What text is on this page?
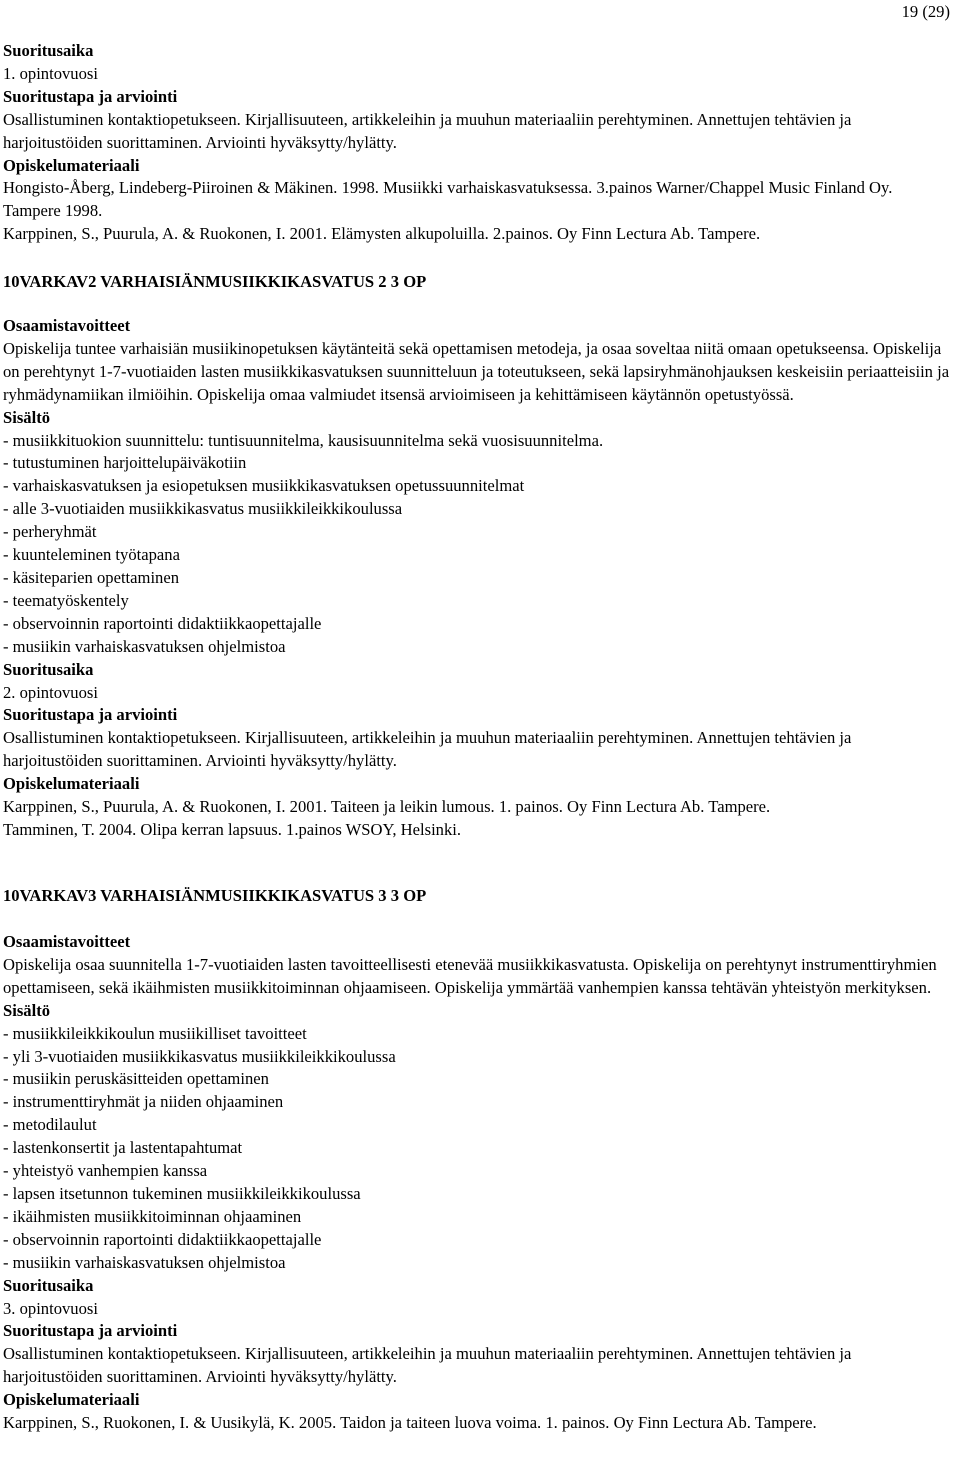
19 (29)
Suoritusaika
1. opintovuosi
Suoritustapa ja arviointi
Osallistuminen kontaktiopetukseen. Kirjallisuuteen, artikkeleihin ja muuhun materiaaliin perehtyminen. Annettujen tehtävien ja harjoitustöiden suorittaminen. Arviointi hyväksytty/hylätty.
Opiskelumateriaali
Hongisto-Åberg, Lindeberg-Piiroinen & Mäkinen. 1998. Musiikki varhaiskasvatuksessa. 3.painos Warner/Chappel Music Finland Oy. Tampere 1998.
Karppinen, S., Puurula, A. & Ruokonen, I. 2001. Elämysten alkupoluilla. 2.painos. Oy Finn Lectura Ab. Tampere.
10VARKAV2 VARHAISIÄNMUSIIKKIKASVATUS 2 3 OP
Osaamistavoitteet
Opiskelija tuntee varhaisiän musiikinopetuksen käytänteitä sekä opettamisen metodeja, ja osaa soveltaa niitä omaan opetukseensa. Opiskelija on perehtynyt 1-7-vuotiaiden lasten musiikkikasvatuksen suunnitteluun ja toteutukseen, sekä lapsiryhmänohjauksen keskeisiin periaatteisiin ja ryhmädynamiikan ilmiöihin. Opiskelija omaa valmiudet itsensä arvioimiseen ja kehittämiseen käytännön opetustyössä.
Sisältö
- musiikkituokion suunnittelu: tuntisuunnitelma, kausisuunnitelma sekä vuosisuunnitelma.
- tutustuminen harjoittelupäiväkotiin
- varhaiskasvatuksen ja esiopetuksen musiikkikasvatuksen opetussuunnitelmat
- alle 3-vuotiaiden musiikkikasvatus musiikkileikkikoulussa
- perheryhmät
- kuunteleminen työtapana
- käsiteparien opettaminen
- teematyöskentely
- observoinnin raportointi didaktiikkaopettajalle
- musiikin varhaiskasvatuksen ohjelmistoa
Suoritusaika
2. opintovuosi
Suoritustapa ja arviointi
Osallistuminen kontaktiopetukseen. Kirjallisuuteen, artikkeleihin ja muuhun materiaaliin perehtyminen. Annettujen tehtävien ja harjoitustöiden suorittaminen. Arviointi hyväksytty/hylätty.
Opiskelumateriaali
Karppinen, S., Puurula, A. & Ruokonen, I. 2001. Taiteen ja leikin lumous. 1. painos. Oy Finn Lectura Ab. Tampere.
Tamminen, T. 2004. Olipa kerran lapsuus. 1.painos WSOY, Helsinki.
10VARKAV3 VARHAISIÄNMUSIIKKIKASVATUS 3 3 OP
Osaamistavoitteet
Opiskelija osaa suunnitella 1-7-vuotiaiden lasten tavoitteellisesti etenevää musiikkikasvatusta. Opiskelija on perehtynyt instrumenttiryhmien opettamiseen, sekä ikäihmisten musiikkitoiminnan ohjaamiseen. Opiskelija ymmärtää vanhempien kanssa tehtävän yhteistyön merkityksen.
Sisältö
- musiikkileikkikoulun musiikilliset tavoitteet
- yli 3-vuotiaiden musiikkikasvatus musiikkileikkikoulussa
- musiikin peruskäsitteiden opettaminen
- instrumenttiryhmät ja niiden ohjaaminen
- metodilaulut
- lastenkonsertit ja lastentapahtumat
- yhteistyö vanhempien kanssa
- lapsen itsetunnon tukeminen musiikkileikkikoulussa
- ikäihmisten musiikkitoiminnan ohjaaminen
- observoinnin raportointi didaktiikkaopettajalle
- musiikin varhaiskasvatuksen ohjelmistoa
Suoritusaika
3. opintovuosi
Suoritustapa ja arviointi
Osallistuminen kontaktiopetukseen. Kirjallisuuteen, artikkeleihin ja muuhun materiaaliin perehtyminen. Annettujen tehtävien ja harjoitustöiden suorittaminen. Arviointi hyväksytty/hylätty.
Opiskelumateriaali
Karppinen, S., Ruokonen, I. & Uusikylä, K. 2005. Taidon ja taiteen luova voima. 1. painos. Oy Finn Lectura Ab. Tampere.
